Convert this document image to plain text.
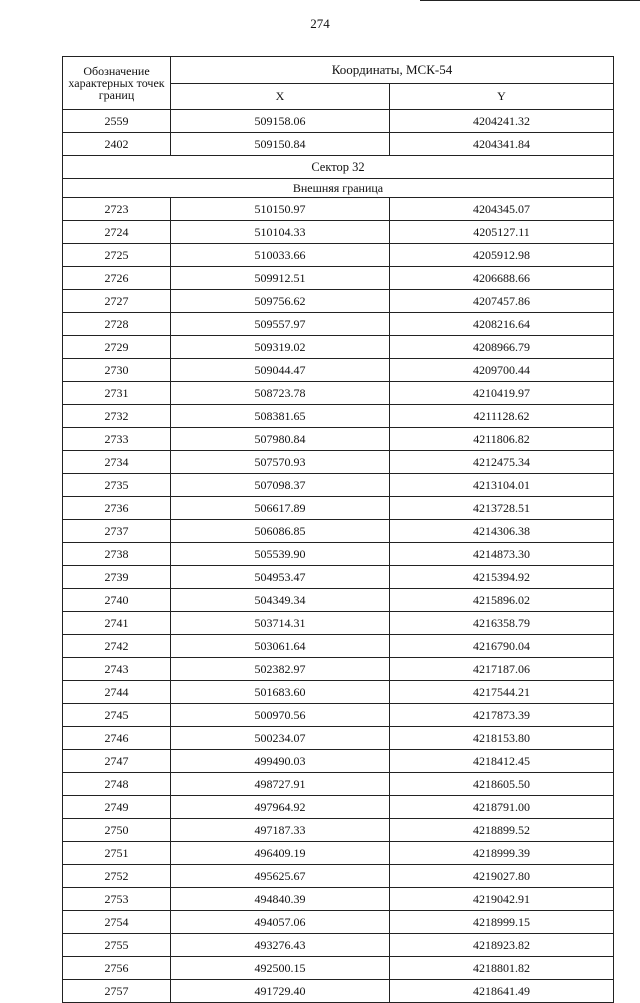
274
Обозначение характерных точек границ	Координаты, МСК-54	
	X	Y
2559	509158.06	4204241.32
2402	509150.84	4204341.84
Сектор 32		
Внешняя граница		
2723	510150.97	4204345.07
2724	510104.33	4205127.11
2725	510033.66	4205912.98
2726	509912.51	4206688.66
2727	509756.62	4207457.86
2728	509557.97	4208216.64
2729	509319.02	4208966.79
2730	509044.47	4209700.44
2731	508723.78	4210419.97
2732	508381.65	4211128.62
2733	507980.84	4211806.82
2734	507570.93	4212475.34
2735	507098.37	4213104.01
2736	506617.89	4213728.51
2737	506086.85	4214306.38
2738	505539.90	4214873.30
2739	504953.47	4215394.92
2740	504349.34	4215896.02
2741	503714.31	4216358.79
2742	503061.64	4216790.04
2743	502382.97	4217187.06
2744	501683.60	4217544.21
2745	500970.56	4217873.39
2746	500234.07	4218153.80
2747	499490.03	4218412.45
2748	498727.91	4218605.50
2749	497964.92	4218791.00
2750	497187.33	4218899.52
2751	496409.19	4218999.39
2752	495625.67	4219027.80
2753	494840.39	4219042.91
2754	494057.06	4218999.15
2755	493276.43	4218923.82
2756	492500.15	4218801.82
2757	491729.40	4218641.49
